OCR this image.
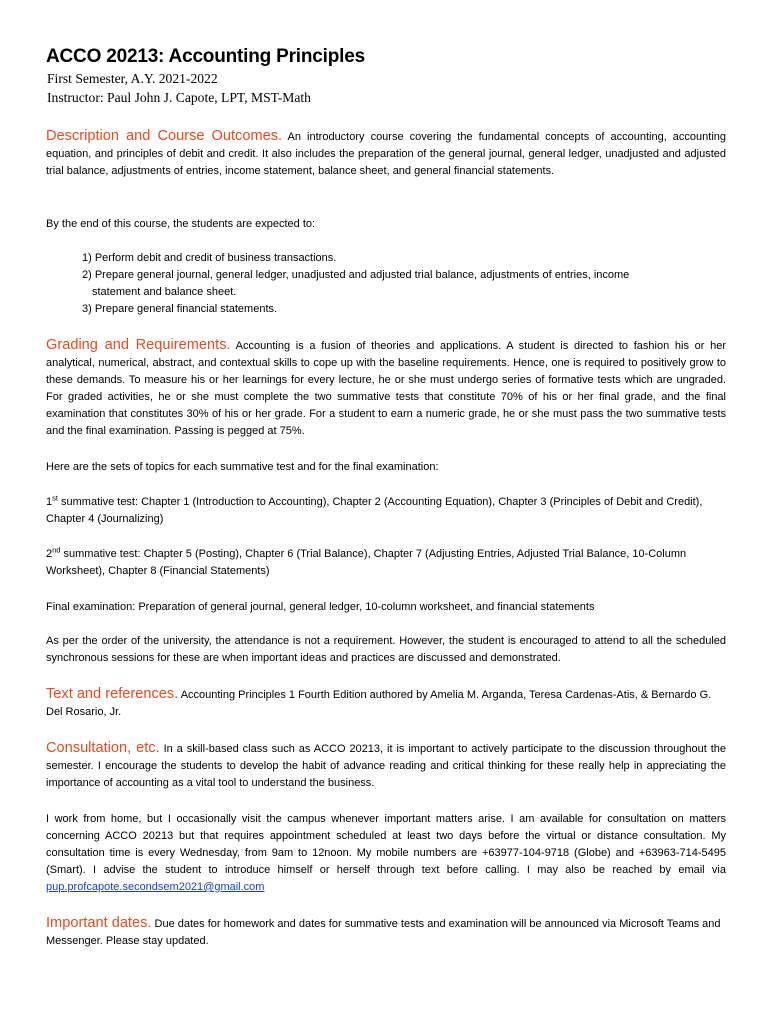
ACCO 20213: Accounting Principles
First Semester, A.Y. 2021-2022
Instructor: Paul John J. Capote, LPT, MST-Math
Description and Course Outcomes. An introductory course covering the fundamental concepts of accounting, accounting equation, and principles of debit and credit. It also includes the preparation of the general journal, general ledger, unadjusted and adjusted trial balance, adjustments of entries, income statement, balance sheet, and general financial statements.
By the end of this course, the students are expected to:
1) Perform debit and credit of business transactions.
2) Prepare general journal, general ledger, unadjusted and adjusted trial balance, adjustments of entries, income
statement and balance sheet.
3) Prepare general financial statements.
Grading and Requirements. Accounting is a fusion of theories and applications. A student is directed to fashion his or her analytical, numerical, abstract, and contextual skills to cope up with the baseline requirements. Hence, one is required to positively grow to these demands. To measure his or her learnings for every lecture, he or she must undergo series of formative tests which are ungraded. For graded activities, he or she must complete the two summative tests that constitute 70% of his or her final grade, and the final examination that constitutes 30% of his or her grade. For a student to earn a numeric grade, he or she must pass the two summative tests and the final examination. Passing is pegged at 75%.
Here are the sets of topics for each summative test and for the final examination:
1st summative test: Chapter 1 (Introduction to Accounting), Chapter 2 (Accounting Equation), Chapter 3 (Principles of Debit and Credit), Chapter 4 (Journalizing)
2nd summative test: Chapter 5 (Posting), Chapter 6 (Trial Balance), Chapter 7 (Adjusting Entries, Adjusted Trial Balance, 10-Column Worksheet), Chapter 8 (Financial Statements)
Final examination: Preparation of general journal, general ledger, 10-column worksheet, and financial statements
As per the order of the university, the attendance is not a requirement. However, the student is encouraged to attend to all the scheduled synchronous sessions for these are when important ideas and practices are discussed and demonstrated.
Text and references. Accounting Principles 1 Fourth Edition authored by Amelia M. Arganda, Teresa Cardenas-Atis, & Bernardo G. Del Rosario, Jr.
Consultation, etc. In a skill-based class such as ACCO 20213, it is important to actively participate to the discussion throughout the semester. I encourage the students to develop the habit of advance reading and critical thinking for these really help in appreciating the importance of accounting as a vital tool to understand the business.
I work from home, but I occasionally visit the campus whenever important matters arise. I am available for consultation on matters concerning ACCO 20213 but that requires appointment scheduled at least two days before the virtual or distance consultation. My consultation time is every Wednesday, from 9am to 12noon. My mobile numbers are +63977-104-9718 (Globe) and +63963-714-5495 (Smart). I advise the student to introduce himself or herself through text before calling. I may also be reached by email via pup.profcapote.secondsem2021@gmail.com
Important dates. Due dates for homework and dates for summative tests and examination will be announced via Microsoft Teams and Messenger. Please stay updated.
